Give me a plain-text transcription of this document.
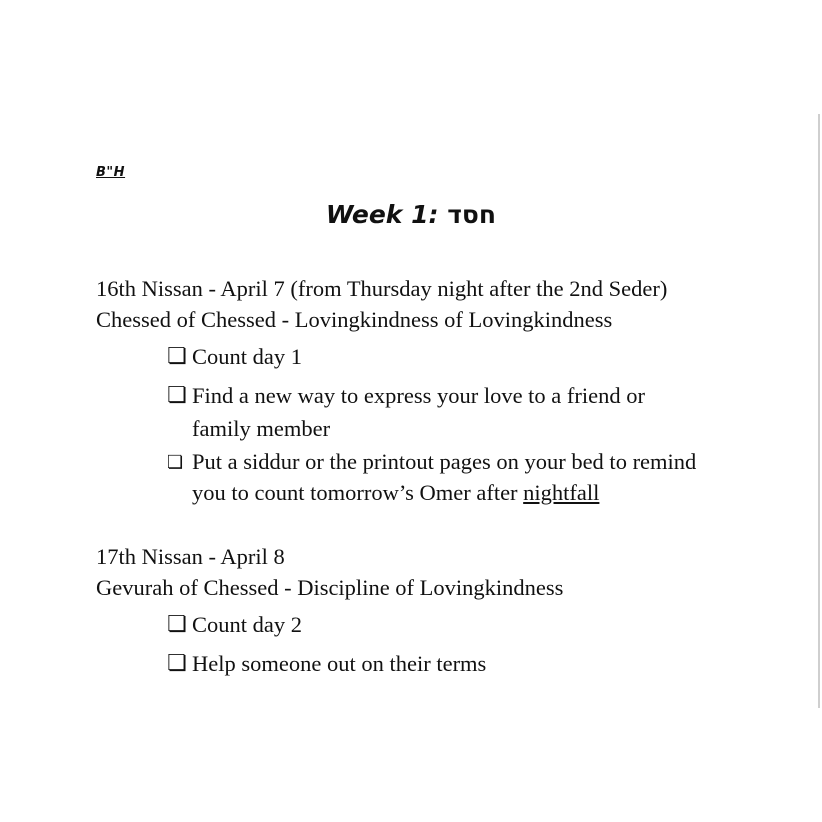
B"H
Week 1: חסד
16th Nissan - April 7 (from Thursday night after the 2nd Seder)
Chessed of Chessed - Lovingkindness of Lovingkindness
❏ Count day 1
❏ Find a new way to express your love to a friend or family member
❏ Put a siddur or the printout pages on your bed to remind you to count tomorrow’s Omer after nightfall
17th Nissan - April 8
Gevurah of Chessed - Discipline of Lovingkindness
❏ Count day 2
❏ Help someone out on their terms
